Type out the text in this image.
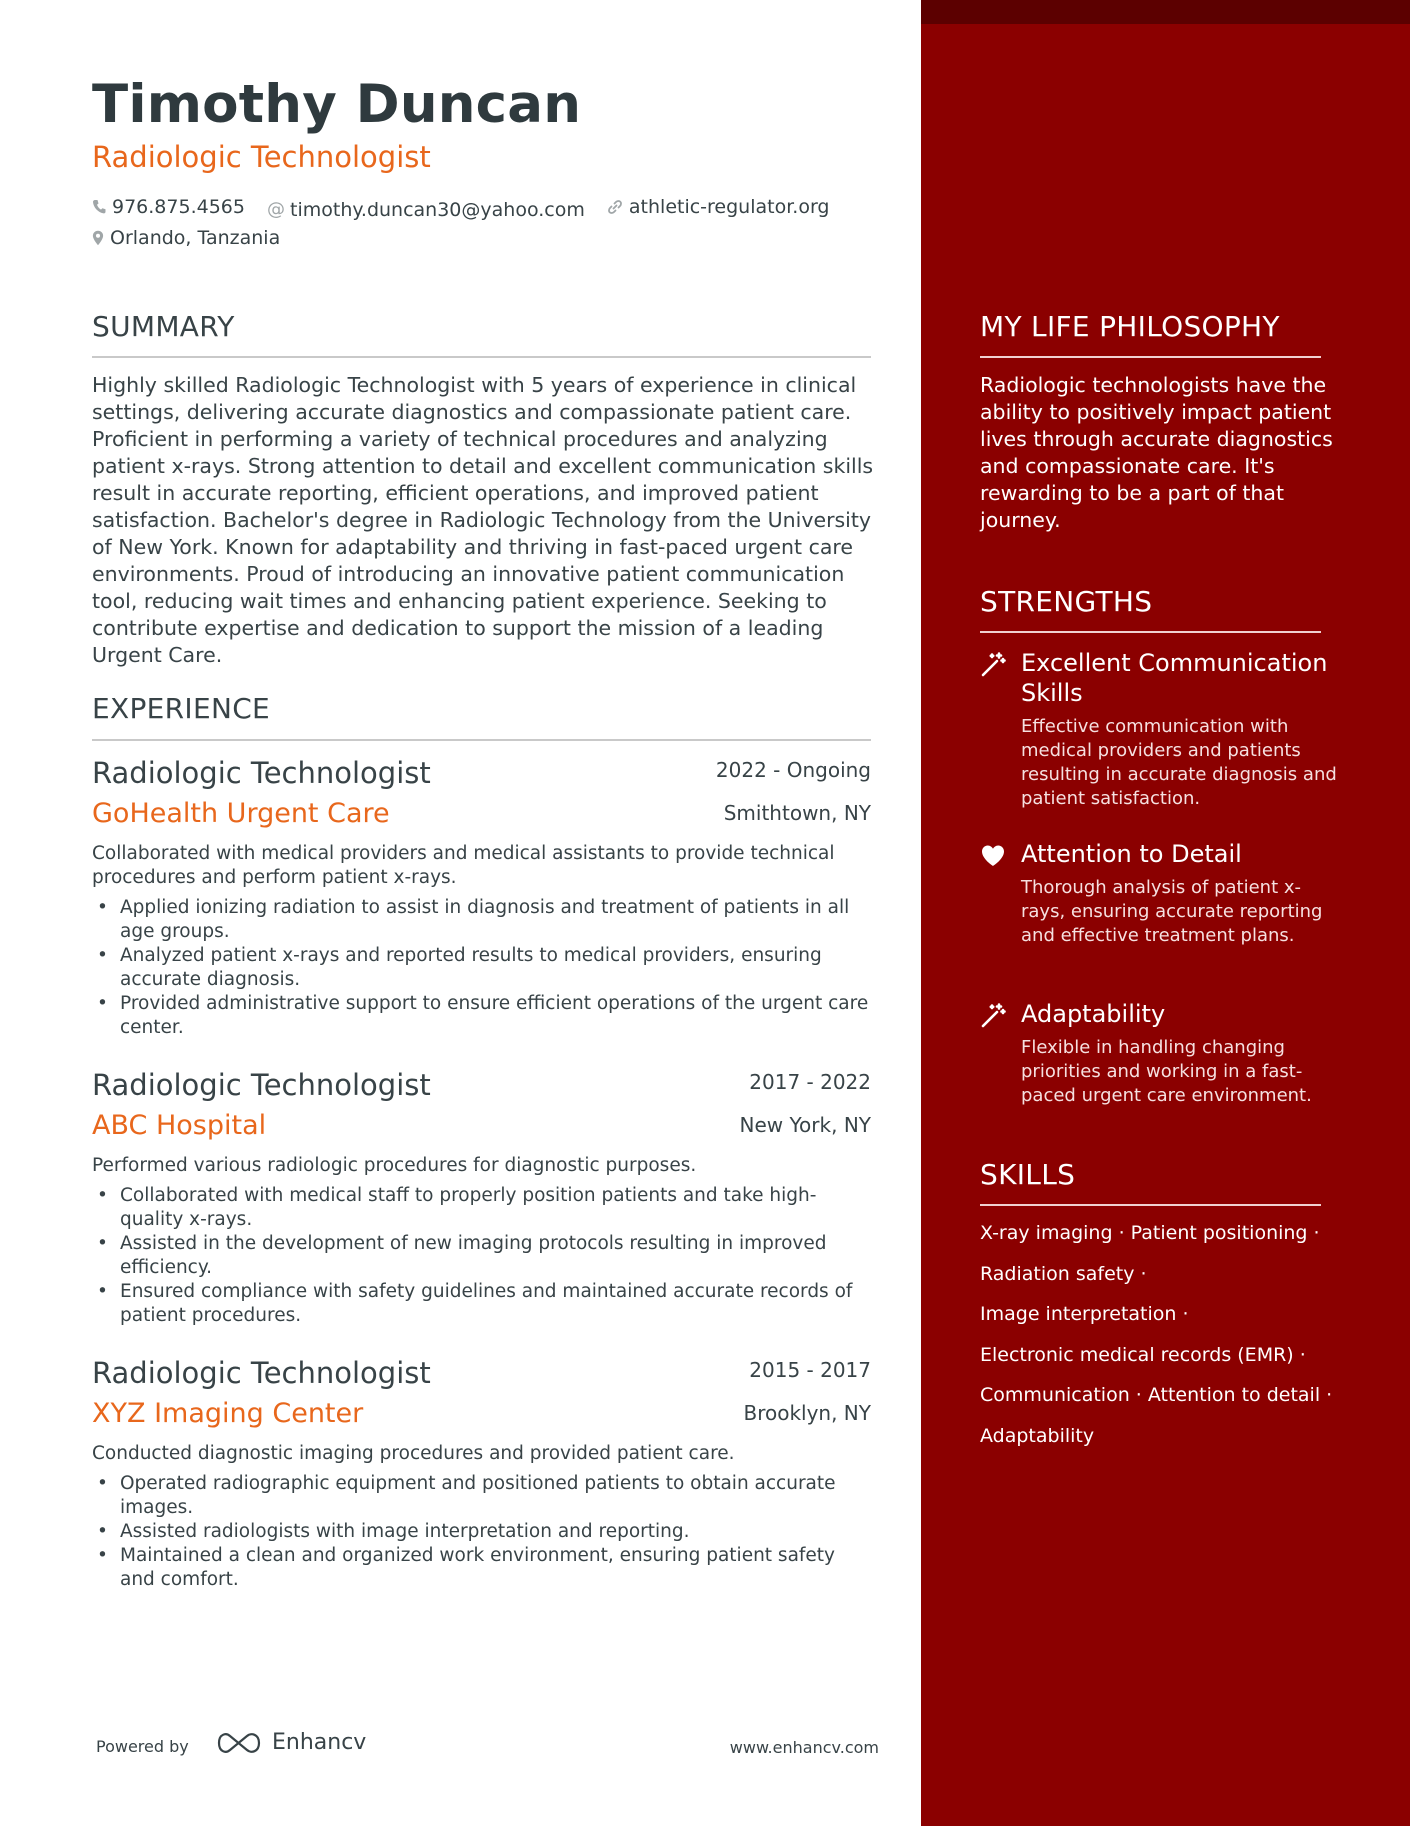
Timothy Duncan
Radiologic Technologist
976.875.4565
@ timothy.duncan30@yahoo.com
athletic-regulator.org

Orlando, Tanzania
SUMMARY

Highly skilled Radiologic Technologist with 5 years of experience in clinical settings, delivering accurate diagnostics and compassionate patient care. Proficient in performing a variety of technical procedures and analyzing patient x-rays. Strong attention to detail and excellent communication skills result in accurate reporting, efficient operations, and improved patient satisfaction. Bachelor's degree in Radiologic Technology from the University of New York. Known for adaptability and thriving in fast-paced urgent care environments. Proud of introducing an innovative patient communication tool, reducing wait times and enhancing patient experience. Seeking to contribute expertise and dedication to support the mission of a leading Urgent Care.

EXPERIENCE
Radiologic Technologist	2022 - Ongoing
GoHealth Urgent Care	Smithtown, NY

Collaborated with medical providers and medical assistants to provide technical procedures and perform patient x-rays.

• Applied ionizing radiation to assist in diagnosis and treatment of patients in all age groups.
• Analyzed patient x-rays and reported results to medical providers, ensuring accurate diagnosis.
• Provided administrative support to ensure efficient operations of the urgent care center.
Radiologic Technologist	2017 - 2022
ABC Hospital	New York, NY

Performed various radiologic procedures for diagnostic purposes.

• Collaborated with medical staff to properly position patients and take high-quality x-rays.
• Assisted in the development of new imaging protocols resulting in improved efficiency.
• Ensured compliance with safety guidelines and maintained accurate records of patient procedures.
Radiologic Technologist	2015 - 2017
XYZ Imaging Center	Brooklyn, NY

Conducted diagnostic imaging procedures and provided patient care.

• Operated radiographic equipment and positioned patients to obtain accurate images.
• Assisted radiologists with image interpretation and reporting.
• Maintained a clean and organized work environment, ensuring patient safety and comfort.
MY LIFE PHILOSOPHY

Radiologic technologists have the ability to positively impact patient lives through accurate diagnostics and compassionate care. It's rewarding to be a part of that journey.

STRENGTHS
Excellent Communication Skills
Effective communication with medical providers and patients resulting in accurate diagnosis and patient satisfaction.
Attention to Detail
Thorough analysis of patient x-rays, ensuring accurate reporting and effective treatment plans.
Adaptability
Flexible in handling changing priorities and working in a fast-paced urgent care environment.
SKILLS
X-ray imaging · Patient positioning ·
Radiation safety ·
Image interpretation ·
Electronic medical records (EMR) ·
Communication · Attention to detail ·
Adaptability
Powered by	Enhancv	www.enhancv.com
